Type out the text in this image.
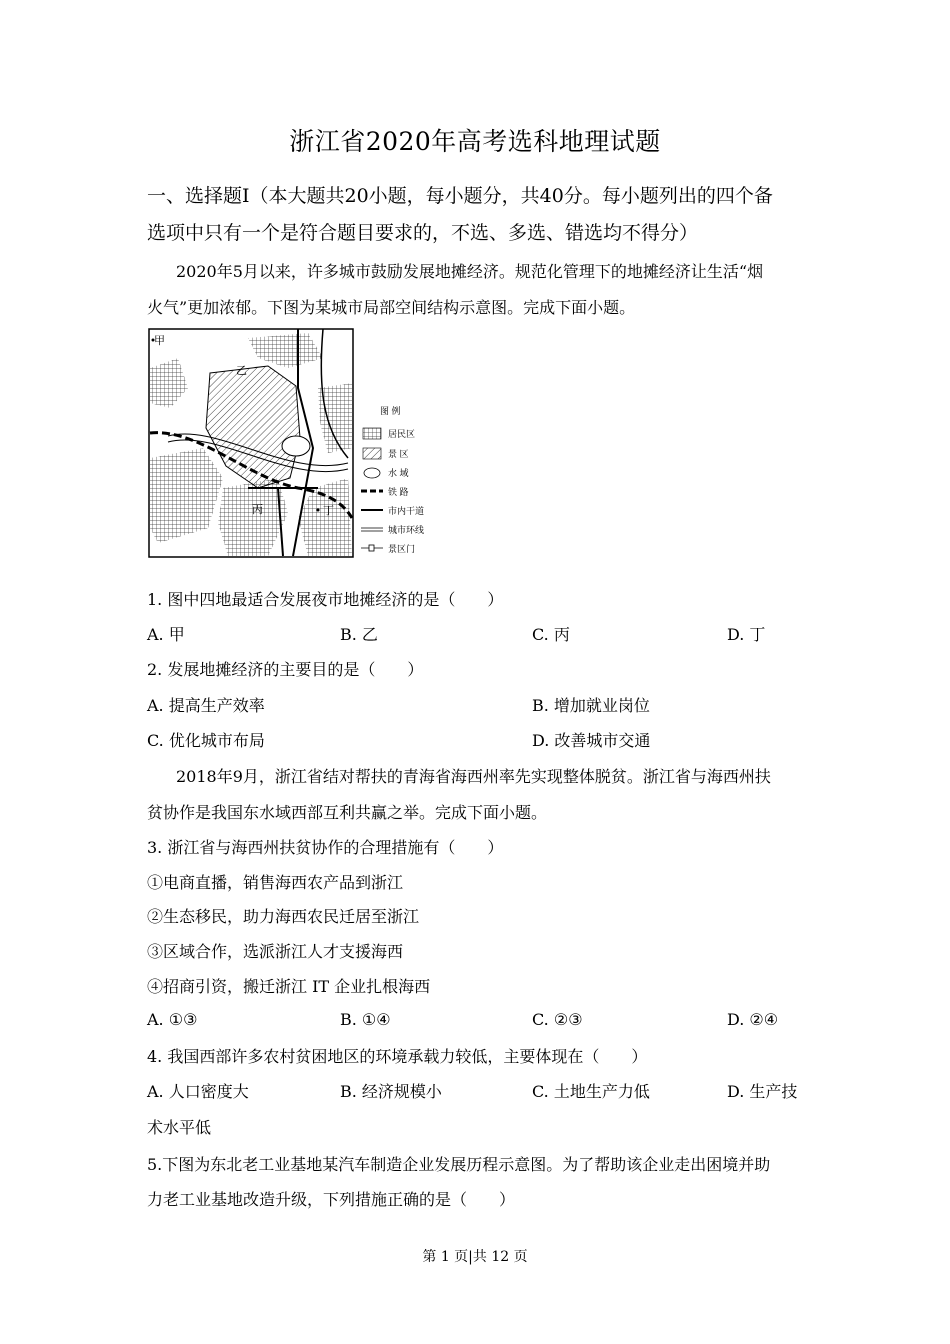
浙江省2020年高考选科地理试题
一、选择题Ⅰ（本大题共20小题，每小题分，共40分。每小题列出的四个备
选项中只有一个是符合题目要求的，不选、多选、错选均不得分）
2020年5月以来，许多城市鼓励发展地摊经济。规范化管理下的地摊经济让生活“烟
火气”更加浓郁。下图为某城市局部空间结构示意图。完成下面小题。
甲
乙
丙	丁
图 例
居民区
景 区
水 域
铁 路
市内干道
城市环线
景区门
1. 图中四地最适合发展夜市地摊经济的是（　　）
A. 甲	B. 乙	C. 丙	D. 丁
2. 发展地摊经济的主要目的是（　　）
A. 提高生产效率	B. 增加就业岗位
C. 优化城市布局	D. 改善城市交通
2018年9月，浙江省结对帮扶的青海省海西州率先实现整体脱贫。浙江省与海西州扶
贫协作是我国东水域西部互利共赢之举。完成下面小题。
3. 浙江省与海西州扶贫协作的合理措施有（　　）
①电商直播，销售海西农产品到浙江
②生态移民，助力海西农民迁居至浙江
③区域合作，选派浙江人才支援海西
④招商引资，搬迁浙江 IT 企业扎根海西
A. ①③	B. ①④	C. ②③	D. ②④
4. 我国西部许多农村贫困地区的环境承载力较低，主要体现在（　　）
A. 人口密度大	B. 经济规模小	C. 土地生产力低	D. 生产技
术水平低
5.下图为东北老工业基地某汽车制造企业发展历程示意图。为了帮助该企业走出困境并助
力老工业基地改造升级，下列措施正确的是（　　）
第 1 页|共 12 页
